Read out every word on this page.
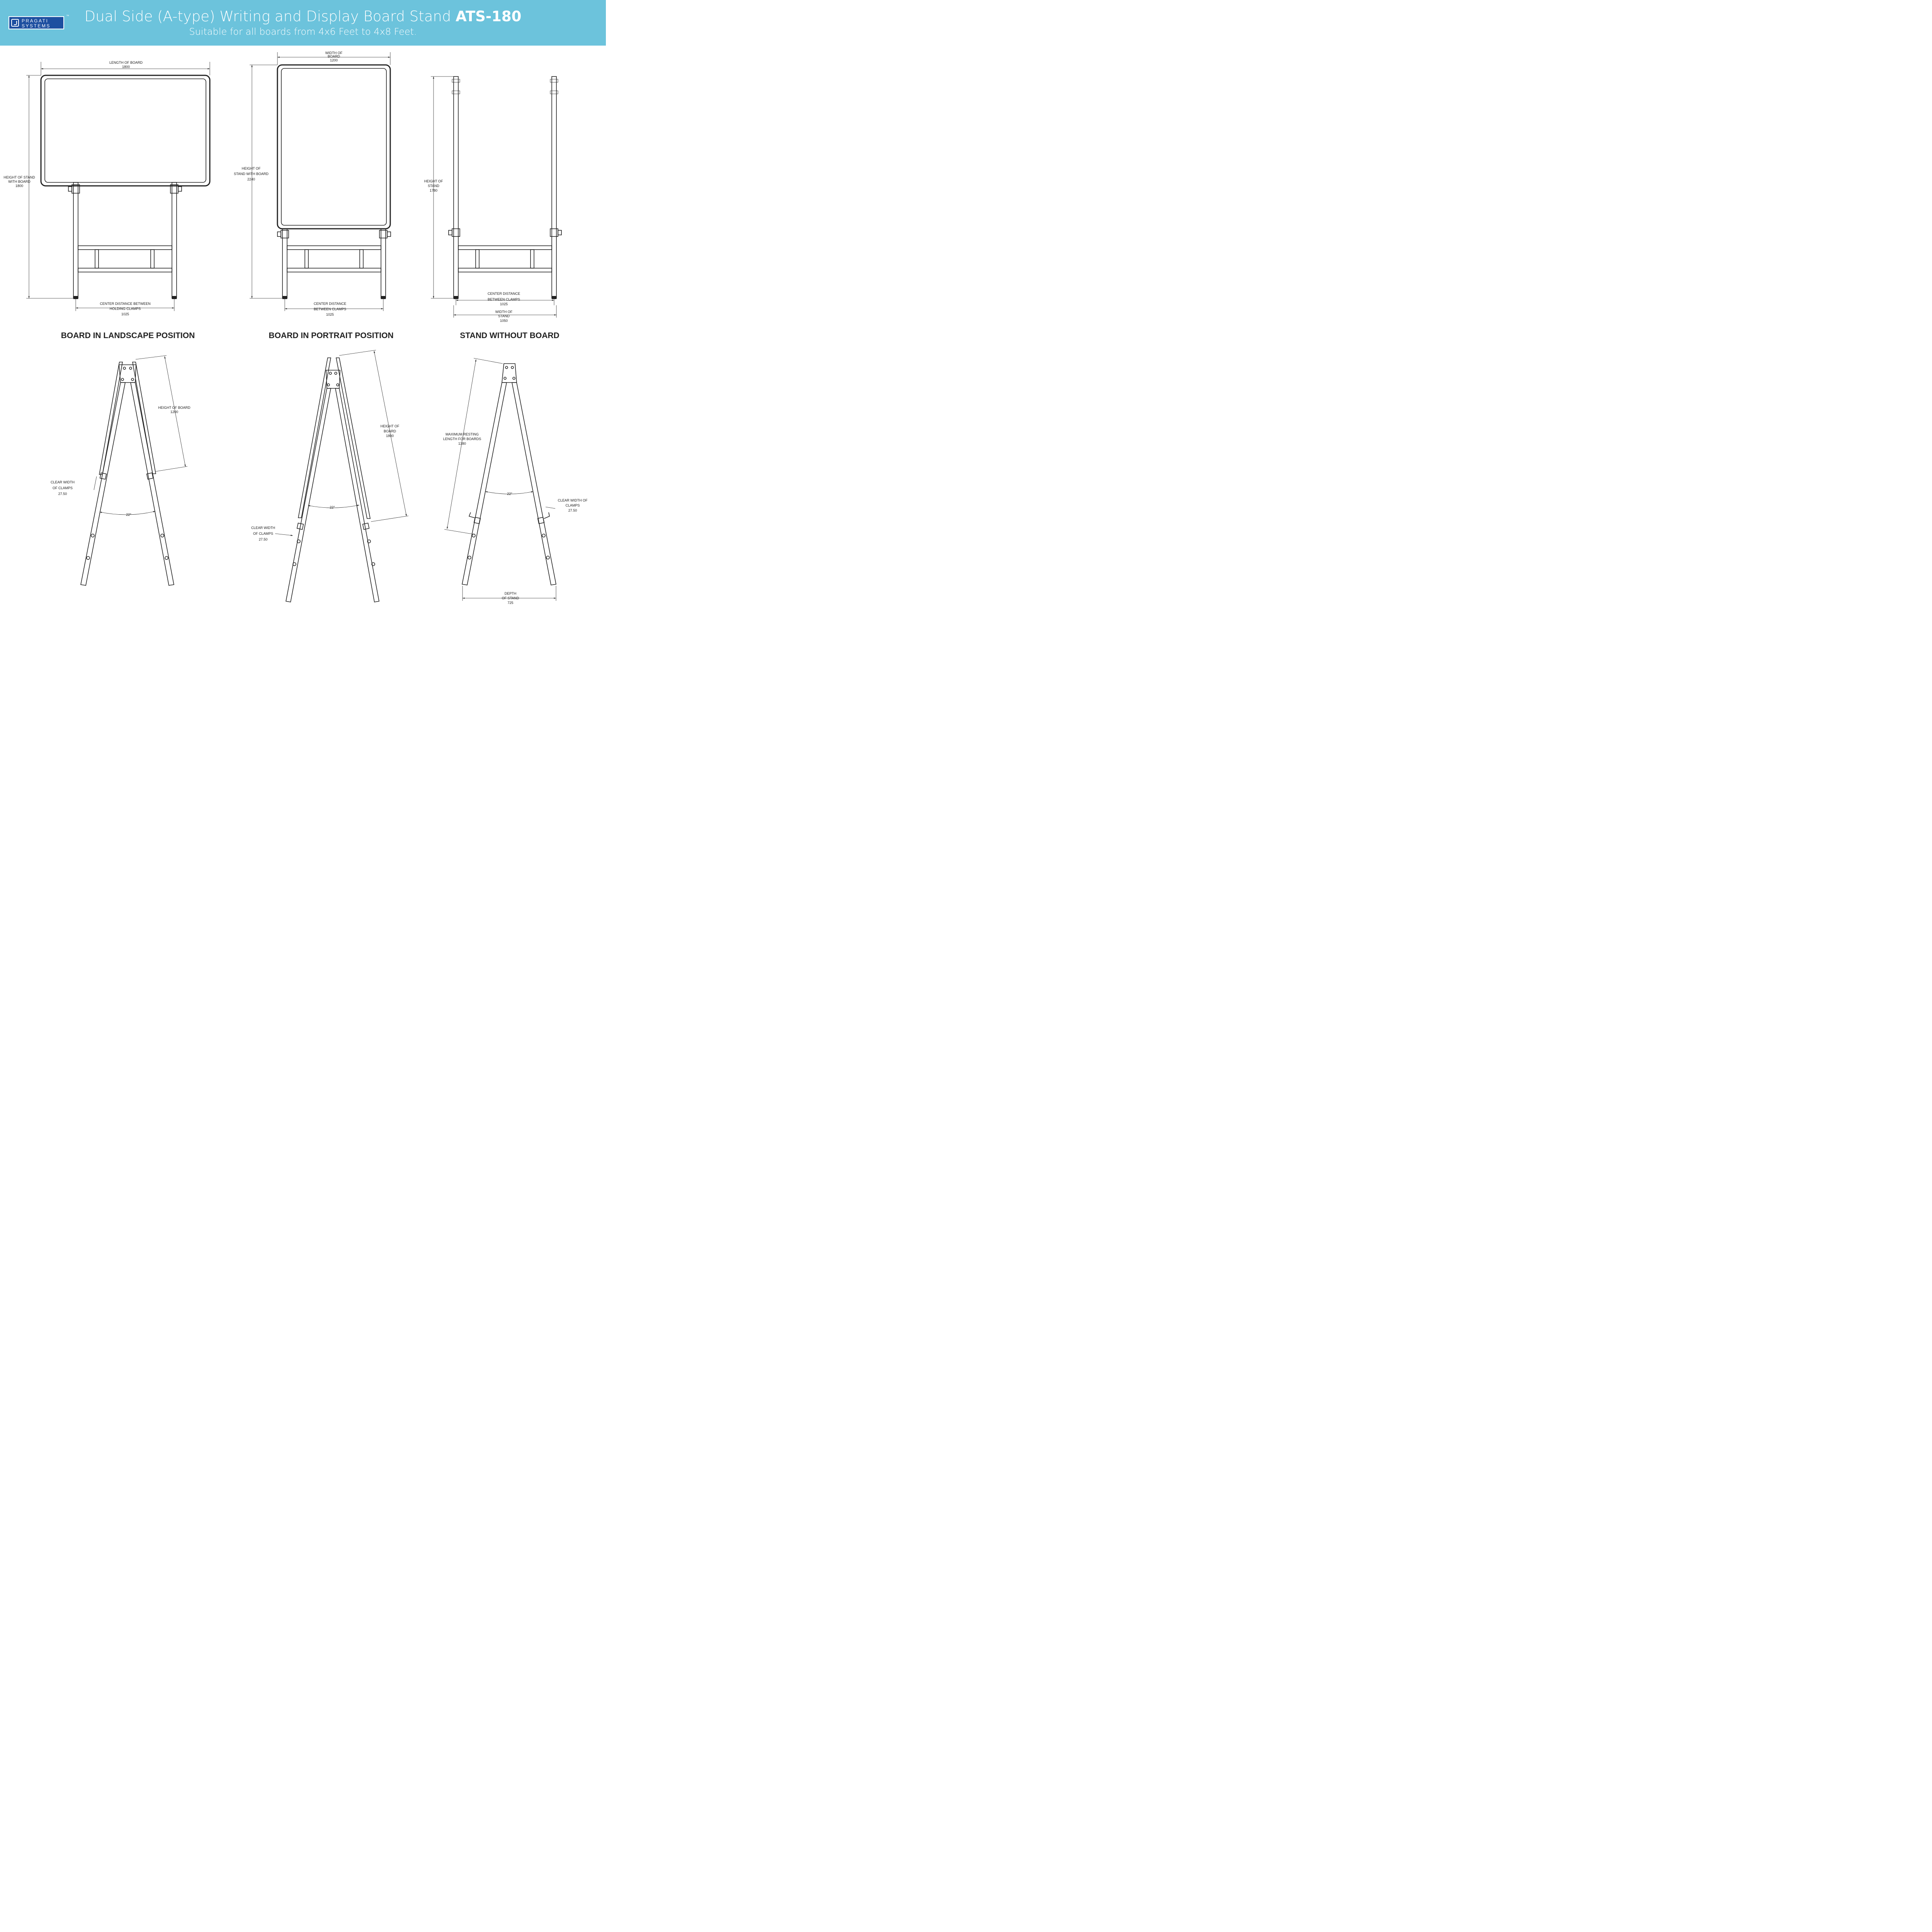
PRAGATI
SYSTEMS
™	Dual Side (A-type) Writing and Display Board Stand ATS-180
Suitable for all boards from 4x6 Feet to 4x8 Feet.
LENGTH OF BOARD
1800
HEIGHT OF STAND
WITH BOARD
1800
CENTER DISTANCE BETWEEN
HOLDING CLAMPS
1025
BOARD IN LANDSCAPE POSITION
WIDTH OF
BOARD
1200
HEIGHT OF
STAND WITH BOARD
2240
CENTER DISTANCE
BETWEEN CLAMPS
1025
BOARD IN PORTRAIT POSITION
HEIGHT OF
STAND
1780
CENTER DISTANCE
BETWEEN CLAMPS
1025
WIDTH OF
STAND
1050
STAND WITHOUT BOARD
22°
HEIGHT OF BOARD
1200
CLEAR WIDTH
OF CLAMPS
27.50
22°
HEIGHT OF
BOARD
1800
CLEAR WIDTH
OF CLAMPS
27.50
22°
MAXIMUM RESTING
LENGTH FOR BOARDS
1380
CLEAR WIDTH OF
CLAMPS
27.50
DEPTH
OF STAND
725
